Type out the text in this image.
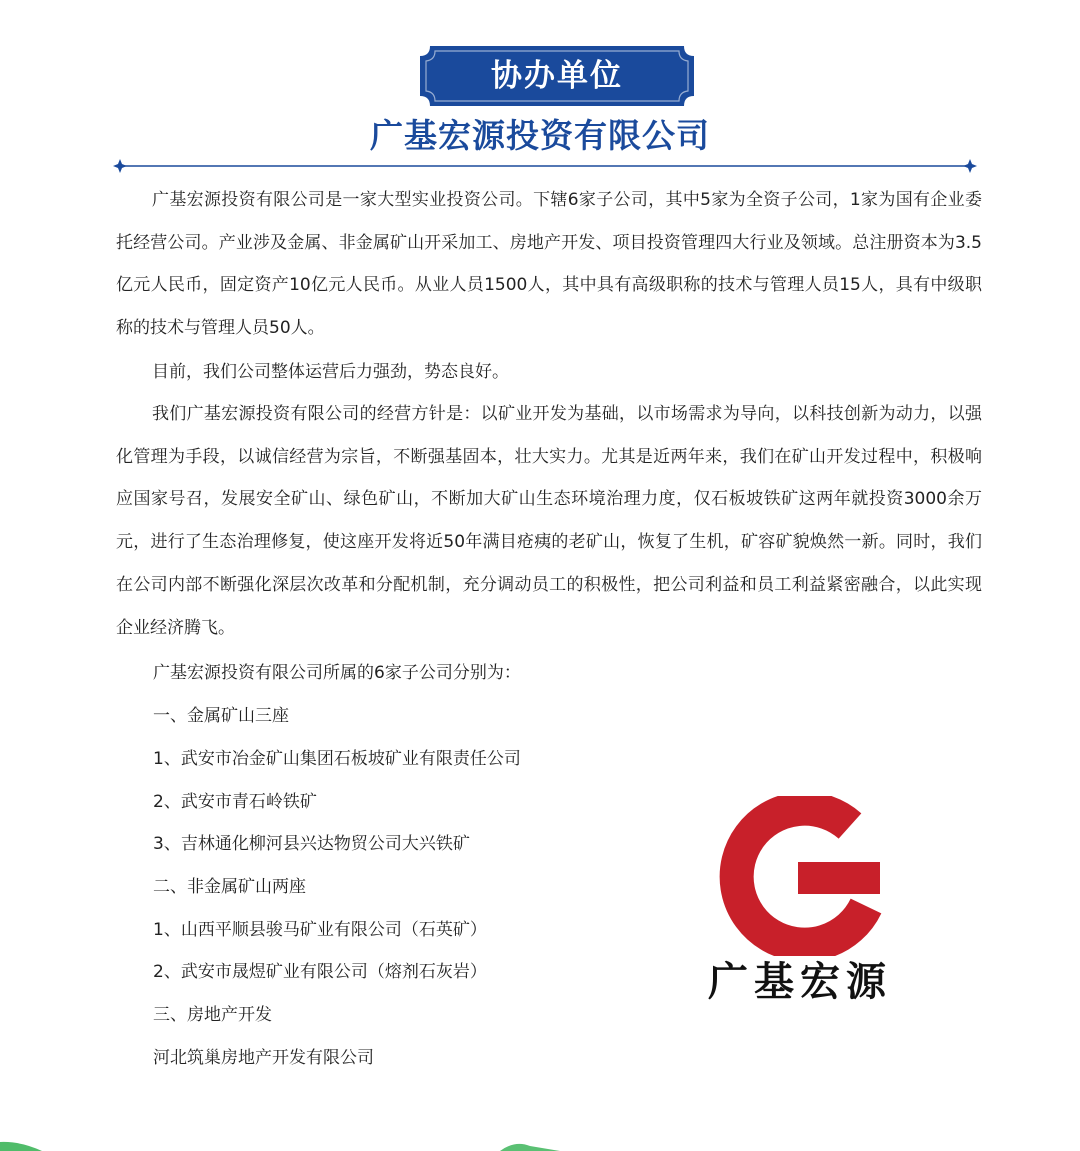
协办单位
广基宏源投资有限公司

广基宏源投资有限公司是一家大型实业投资公司。下辖6家子公司，其中5家为全资子公司，1家为国有企业委托经营公司。产业涉及金属、非金属矿山开采加工、房地产开发、项目投资管理四大行业及领域。总注册资本为3.5亿元人民币，固定资产10亿元人民币。从业人员1500人，其中具有高级职称的技术与管理人员15人，具有中级职称的技术与管理人员50人。

目前，我们公司整体运营后力强劲，势态良好。

我们广基宏源投资有限公司的经营方针是：以矿业开发为基础，以市场需求为导向，以科技创新为动力，以强化管理为手段，以诚信经营为宗旨，不断强基固本，壮大实力。尤其是近两年来，我们在矿山开发过程中，积极响应国家号召，发展安全矿山、绿色矿山，不断加大矿山生态环境治理力度，仅石板坡铁矿这两年就投资3000余万元，进行了生态治理修复，使这座开发将近50年满目疮痍的老矿山，恢复了生机，矿容矿貌焕然一新。同时，我们在公司内部不断强化深层次改革和分配机制，充分调动员工的积极性，把公司利益和员工利益紧密融合，以此实现企业经济腾飞。

广基宏源投资有限公司所属的6家子公司分别为：

一、金属矿山三座

1、武安市冶金矿山集团石板坡矿业有限责任公司

2、武安市青石岭铁矿

3、吉林通化柳河县兴达物贸公司大兴铁矿

二、非金属矿山两座

1、山西平顺县骏马矿业有限公司（石英矿）

2、武安市晟煜矿业有限公司（熔剂石灰岩）

三、房地产开发

河北筑巢房地产开发有限公司

广基宏源
